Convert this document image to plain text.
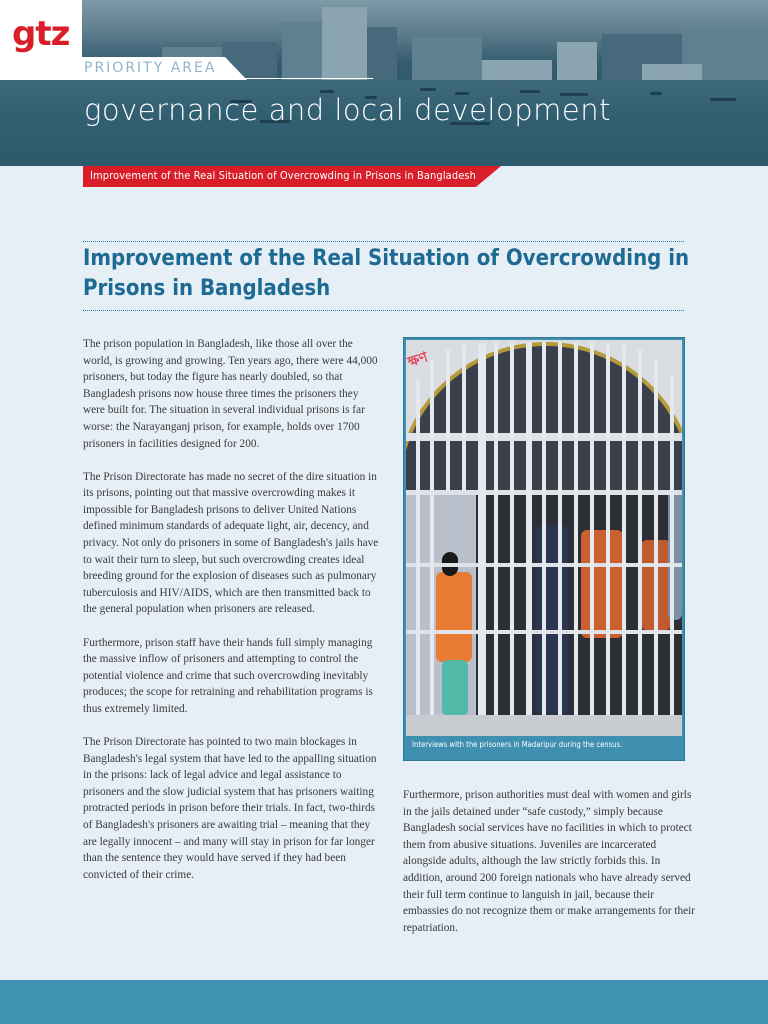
gtz
PRIORITY AREA
governance and local development
Improvement of the Real Situation of Overcrowding in Prisons in Bangladesh
Improvement of the Real Situation of Overcrowding in Prisons in Bangladesh

The prison population in Bangladesh, like those all over the world, is growing and growing. Ten years ago, there were 44,000 prisoners, but today the figure has nearly doubled, so that Bangladesh prisons now house three times the prisoners they were built for. The situation in several individual prisons is far worse: the Narayanganj prison, for example, holds over 1700 prisoners in facilities designed for 200.

The Prison Directorate has made no secret of the dire situation in its prisons, pointing out that massive overcrowding makes it impossible for Bangladesh prisons to deliver United Nations defined minimum standards of adequate light, air, decency, and privacy. Not only do prisoners in some of Bangladesh's jails have to wait their turn to sleep, but such overcrowding creates ideal breeding ground for the explosion of diseases such as pulmonary tuberculosis and HIV/AIDS, which are then transmitted back to the general population when prisoners are released.

Furthermore, prison staff have their hands full simply managing the massive inflow of prisoners and attempting to control the potential violence and crime that such overcrowding inevitably produces; the scope for retraining and rehabilitation programs is thus extremely limited.

The Prison Directorate has pointed to two main blockages in Bangladesh's legal system that have led to the appalling situation in the prisons: lack of legal advice and legal assistance to prisoners and the slow judicial system that has prisoners waiting protracted periods in prison before their trials. In fact, two-thirds of Bangladesh's prisoners are awaiting trial – meaning that they are legally innocent – and many will stay in prison for far longer than the sentence they would have served if they had been convicted of their crime.

ক্ষণ
Interviews with the prisoners in Madaripur during the census.

Furthermore, prison authorities must deal with women and girls in the jails detained under “safe custody,” simply because Bangladesh social services have no facilities in which to protect them from abusive situations. Juveniles are incarcerated alongside adults, although the law strictly forbids this. In addition, around 200 foreign nationals who have already served their full term continue to languish in jail, because their embassies do not recognize them or make arrangements for their repatriation.
